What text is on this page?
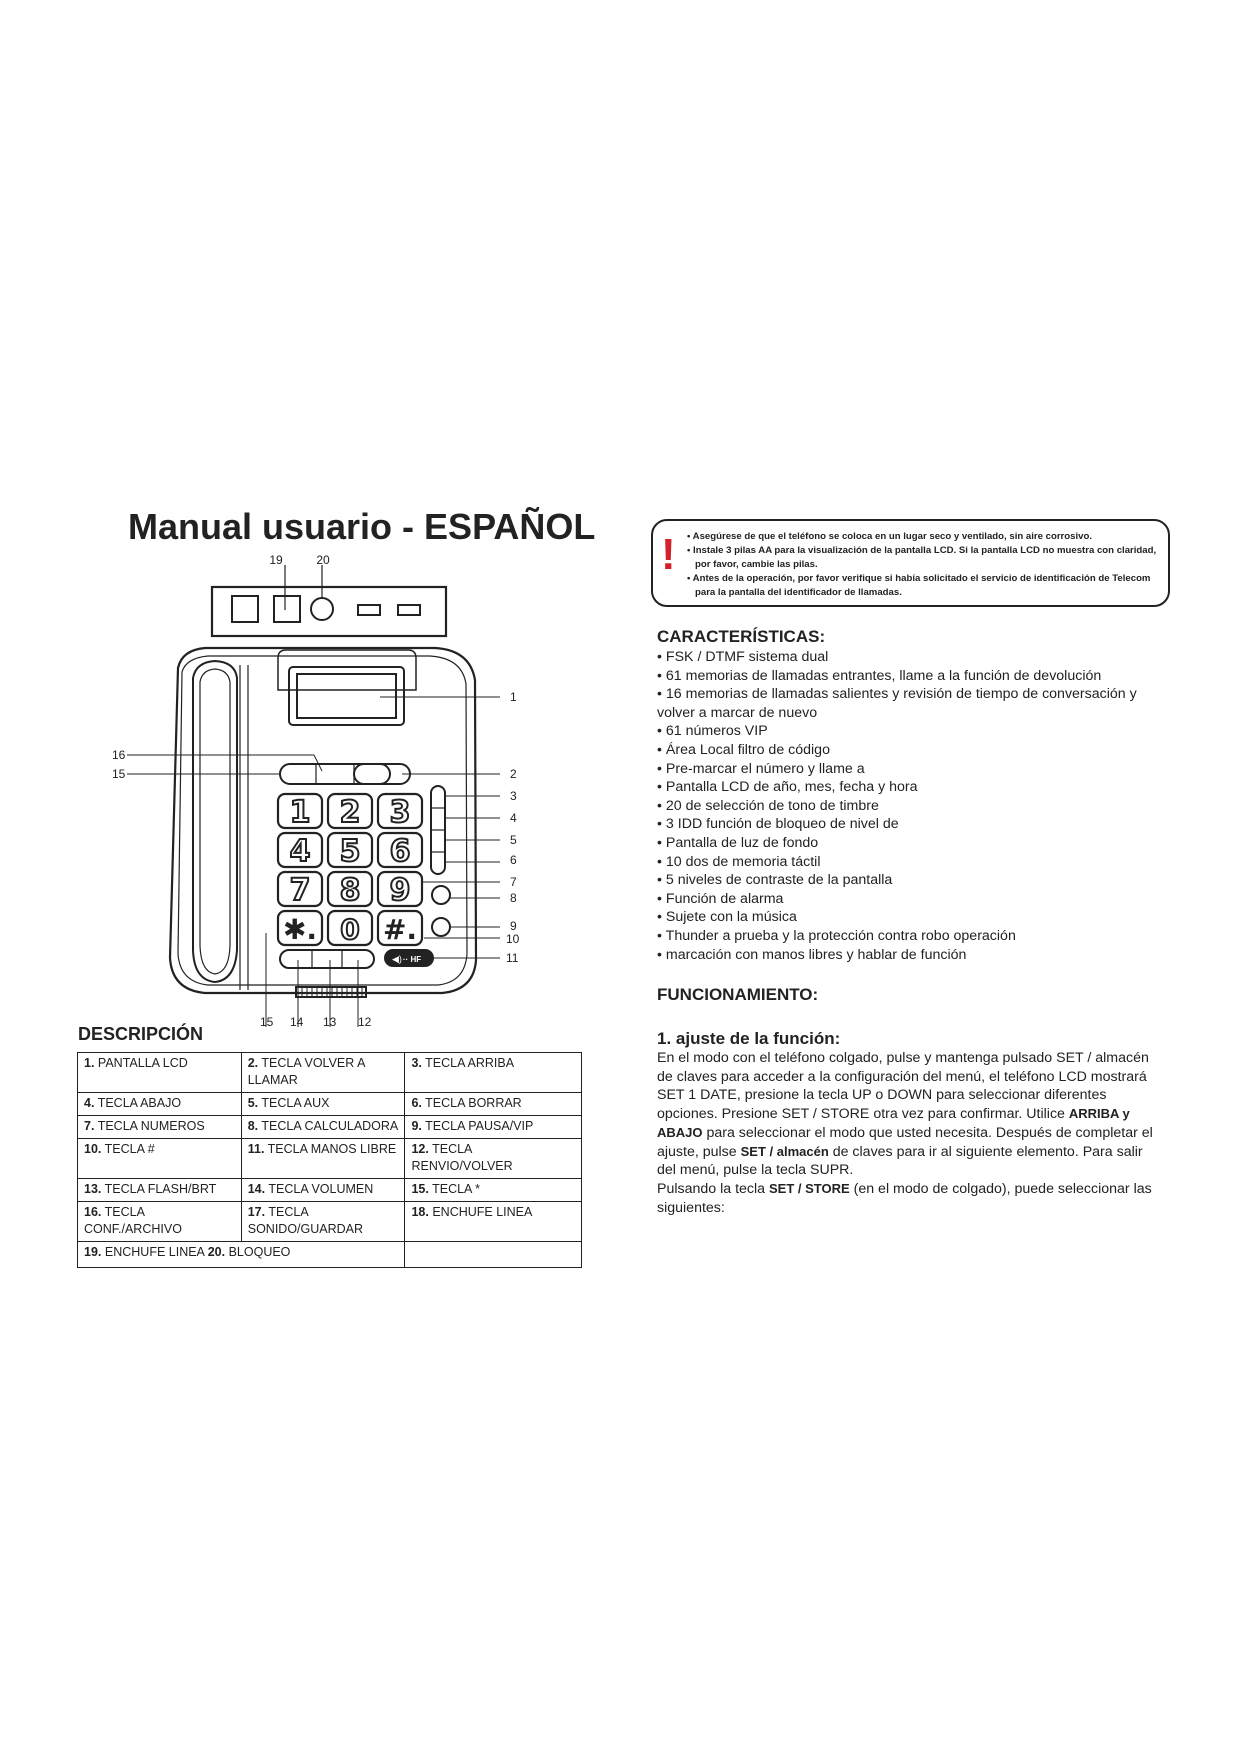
Manual usuario - ESPAÑOL
1 2 3
4 5 6
7 8 9
✱. 0 #.
·· HF
◀)
19	20
1
2
3
4
5
6
7
8
9
10
11
16
15
15 14 13 12
DESCRIPCIÓN
1. PANTALLA LCD	2. TECLA VOLVER A LLAMAR	3. TECLA ARRIBA
4. TECLA ABAJO	5. TECLA AUX	6. TECLA BORRAR
7. TECLA NUMEROS	8. TECLA CALCULADORA	9. TECLA PAUSA/VIP
10. TECLA #	11. TECLA MANOS LIBRE	12. TECLA RENVIO/VOLVER
13. TECLA FLASH/BRT	14. TECLA VOLUMEN	15. TECLA *
16. TECLA CONF./ARCHIVO	17. TECLA SONIDO/GUARDAR	18. ENCHUFE LINEA
19. ENCHUFE LINEA 20. BLOQUEO		
!	• Asegúrese de que el teléfono se coloca en un lugar seco y ventilado, sin aire corrosivo.
• Instale 3 pilas AA para la visualización de la pantalla LCD. Si la pantalla LCD no muestra con claridad, por favor, cambie las pilas.
• Antes de la operación, por favor verifique si había solicitado el servicio de identificación de Telecom para la pantalla del identificador de llamadas.
CARACTERÍSTICAS:
• FSK / DTMF sistema dual
• 61 memorias de llamadas entrantes, llame a la función de devolución
• 16 memorias de llamadas salientes y revisión de tiempo de conversación y volver a marcar de nuevo
• 61 números VIP
• Área Local filtro de código
• Pre-marcar el número y llame a
• Pantalla LCD de año, mes, fecha y hora
• 20 de selección de tono de timbre
• 3 IDD función de bloqueo de nivel de
• Pantalla de luz de fondo
• 10 dos de memoria táctil
• 5 niveles de contraste de la pantalla
• Función de alarma
• Sujete con la música
• Thunder a prueba y la protección contra robo operación
• marcación con manos libres y hablar de función
FUNCIONAMIENTO:
1. ajuste de la función:

En el modo con el teléfono colgado, pulse y mantenga pulsado SET / almacén de claves para acceder a la configuración del menú, el teléfono LCD mostrará SET 1 DATE, presione la tecla UP o DOWN para seleccionar diferentes opciones. Presione SET / STORE otra vez para confirmar. Utilice ARRIBA y ABAJO para seleccionar el modo que usted necesita. Después de completar el ajuste, pulse SET / almacén de claves para ir al siguiente elemento. Para salir del menú, pulse la tecla SUPR.
Pulsando la tecla SET / STORE (en el modo de colgado), puede seleccionar las siguientes:
